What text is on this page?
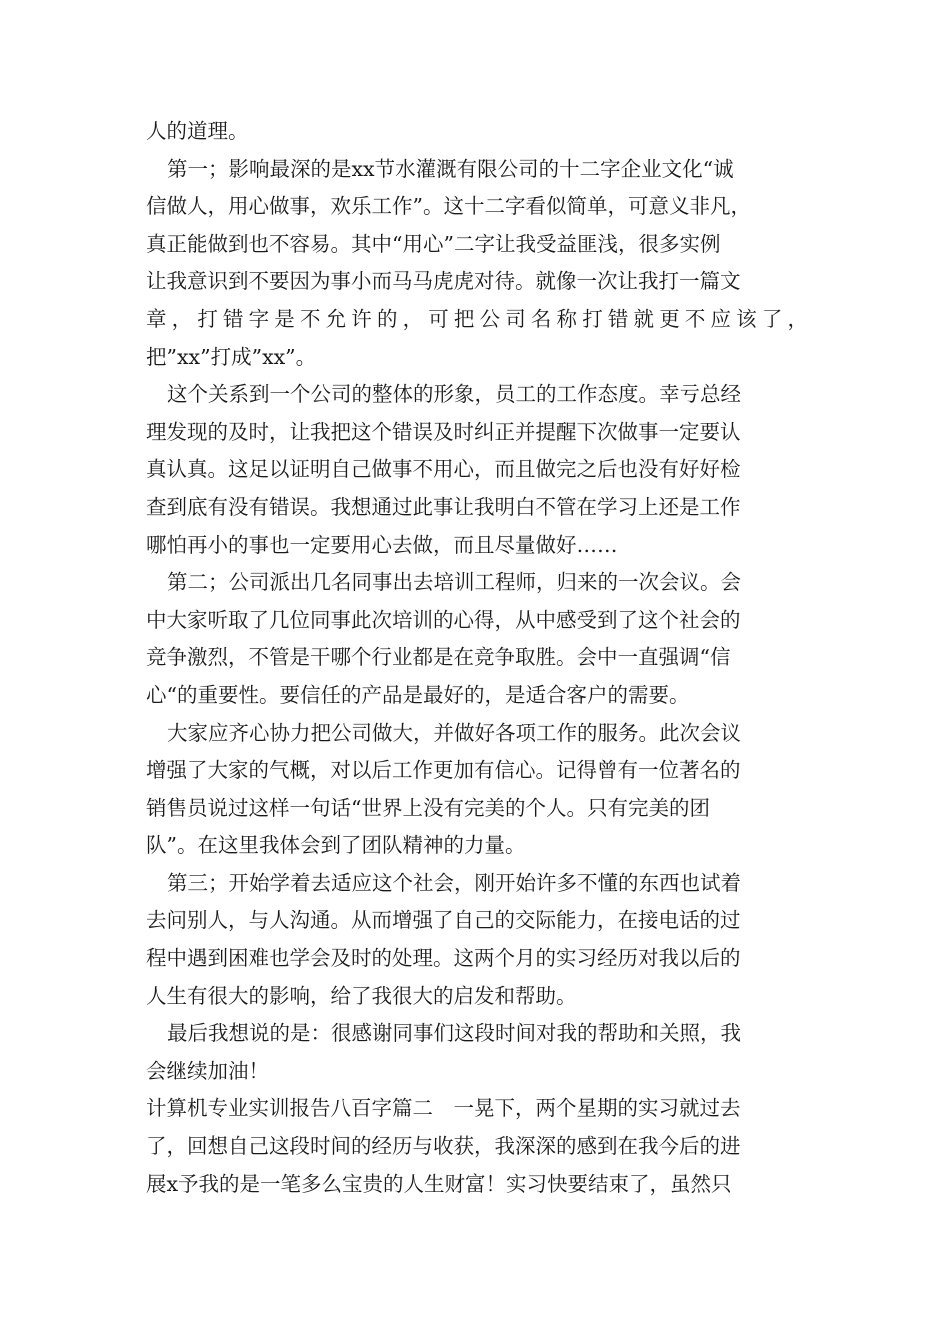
人的道理。
第一；影响最深的是xx节水灌溉有限公司的十二字企业文化“诚
信做人，用心做事，欢乐工作”。这十二字看似简单，可意义非凡，
真正能做到也不容易。其中“用心”二字让我受益匪浅，很多实例
让我意识到不要因为事小而马马虎虎对待。就像一次让我打一篇文
章，打错字是不允许的，可把公司名称打错就更不应该了，
把”xx”打成”xx”。
这个关系到一个公司的整体的形象，员工的工作态度。幸亏总经
理发现的及时，让我把这个错误及时纠正并提醒下次做事一定要认
真认真。这足以证明自己做事不用心，而且做完之后也没有好好检
查到底有没有错误。我想通过此事让我明白不管在学习上还是工作
哪怕再小的事也一定要用心去做，而且尽量做好……
第二；公司派出几名同事出去培训工程师，归来的一次会议。会
中大家听取了几位同事此次培训的心得，从中感受到了这个社会的
竞争激烈，不管是干哪个行业都是在竞争取胜。会中一直强调“信
心“的重要性。要信任的产品是最好的，是适合客户的需要。
大家应齐心协力把公司做大，并做好各项工作的服务。此次会议
增强了大家的气概，对以后工作更加有信心。记得曾有一位著名的
销售员说过这样一句话“世界上没有完美的个人。只有完美的团
队”。在这里我体会到了团队精神的力量。
第三；开始学着去适应这个社会，刚开始许多不懂的东西也试着
去问别人，与人沟通。从而增强了自己的交际能力，在接电话的过
程中遇到困难也学会及时的处理。这两个月的实习经历对我以后的
人生有很大的影响，给了我很大的启发和帮助。
最后我想说的是：很感谢同事们这段时间对我的帮助和关照，我
会继续加油！
计算机专业实训报告八百字篇二　一晃下，两个星期的实习就过去
了，回想自己这段时间的经历与收获，我深深的感到在我今后的进
展x予我的是一笔多么宝贵的人生财富！实习快要结束了，虽然只
